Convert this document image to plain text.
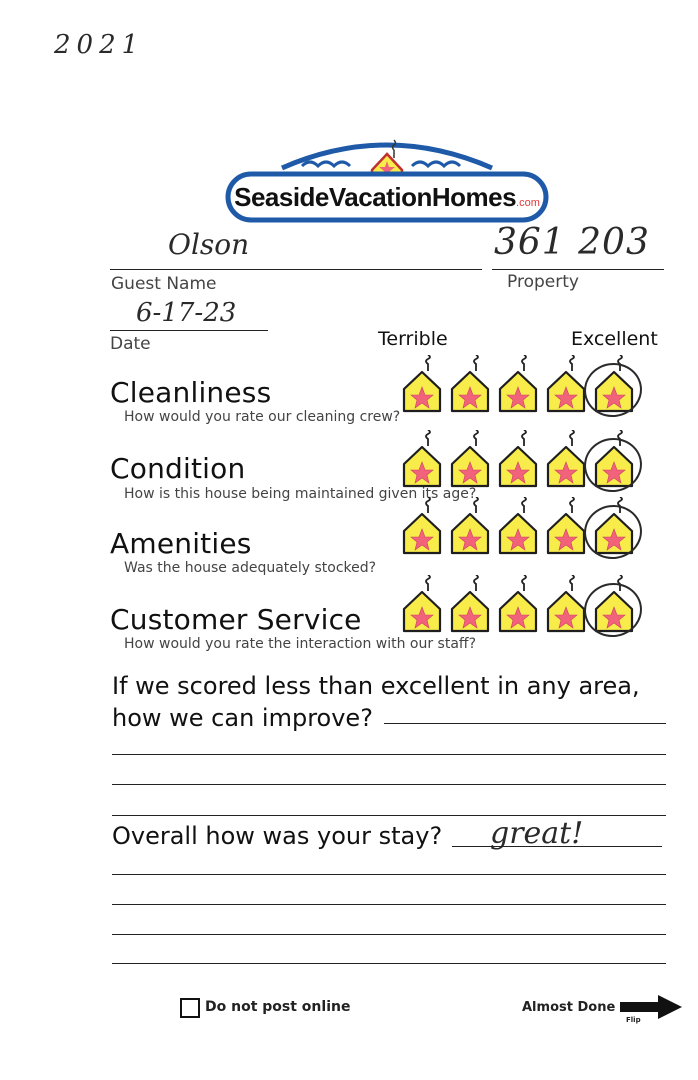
2021
SeasideVacationHomes.com
Olson
Guest Name
361 203
Property
6-17-23
Date	Terrible	Excellent
Cleanliness
How would you rate our cleaning crew?
Condition
How is this house being maintained given its age?
Amenities
Was the house adequately stocked?
Customer Service
How would you rate the interaction with our staff?
If we scored less than excellent in any area,
how we can improve?
Overall how was your stay? great!
Do not post online	Almost Done
Flip
